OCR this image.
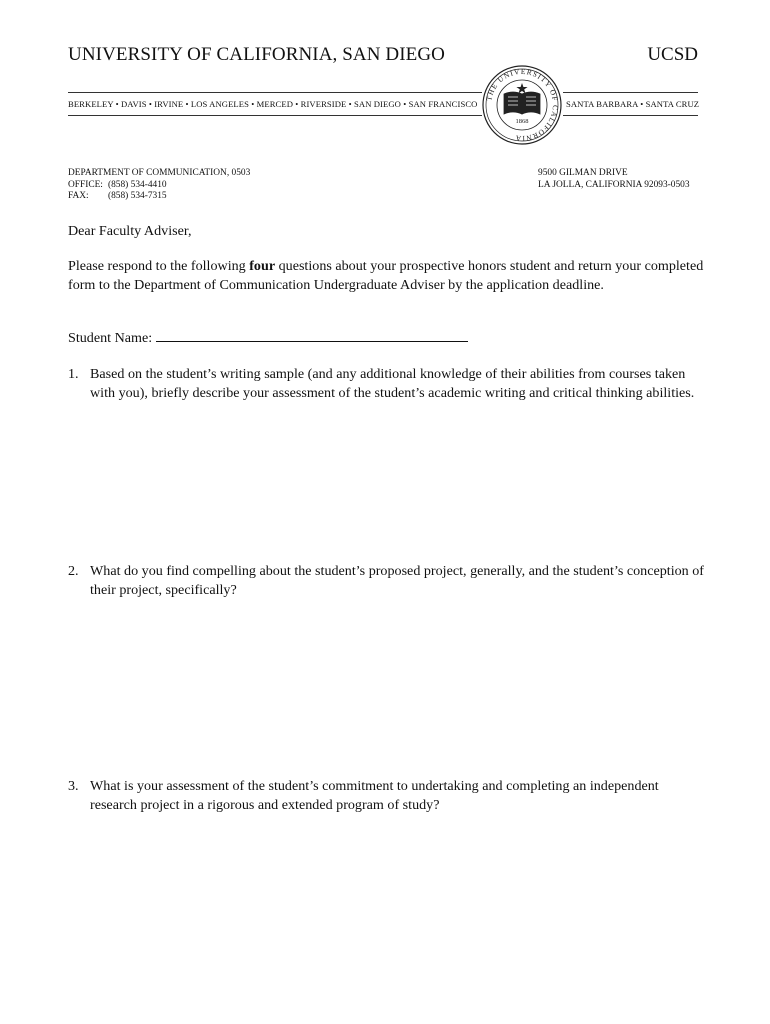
UNIVERSITY OF CALIFORNIA, SAN DIEGO	UCSD
BERKELEY • DAVIS • IRVINE • LOS ANGELES • MERCED • RIVERSIDE • SAN DIEGO • SAN FRANCISCO	SANTA BARBARA • SANTA CRUZ
THE UNIVERSITY OF CALIFORNIA
1868
DEPARTMENT OF COMMUNICATION, 0503
OFFICE: (858) 534-4410
FAX: (858) 534-7315
9500 GILMAN DRIVE
LA JOLLA, CALIFORNIA 92093-0503
Dear Faculty Adviser,
Please respond to the following four questions about your prospective honors student and return your completed form to the Department of Communication Undergraduate Adviser by the application deadline.
Student Name:
1. Based on the student’s writing sample (and any additional knowledge of their abilities from courses taken with you), briefly describe your assessment of the student’s academic writing and critical thinking abilities.
2. What do you find compelling about the student’s proposed project, generally, and the student’s conception of their project, specifically?
3. What is your assessment of the student’s commitment to undertaking and completing an independent research project in a rigorous and extended program of study?
